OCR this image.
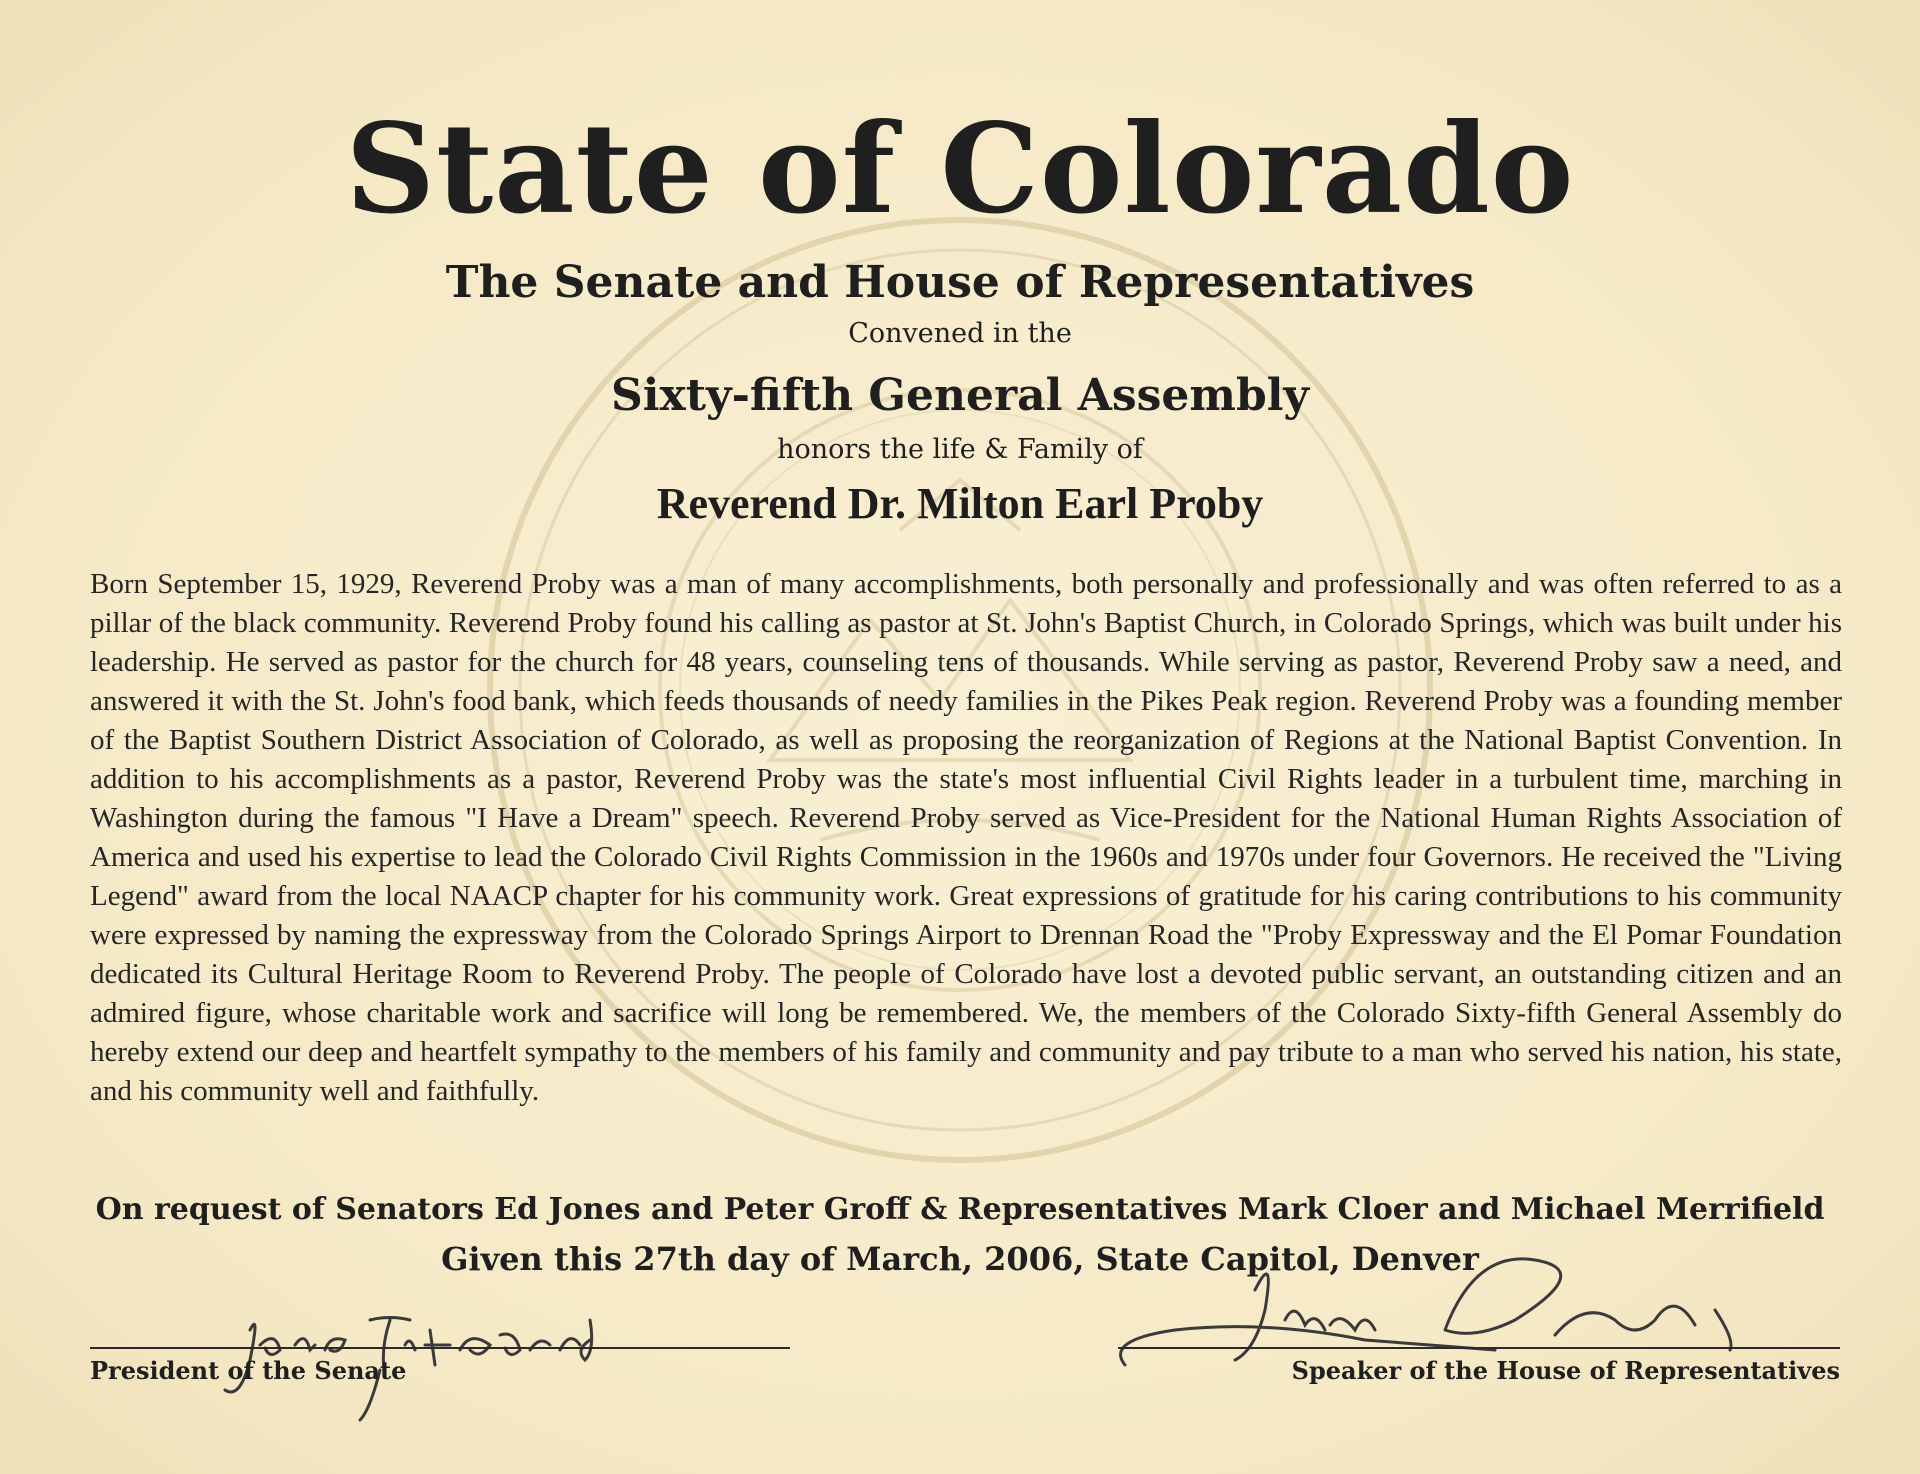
State of Colorado
The Senate and House of Representatives
Convened in the
Sixty-fifth General Assembly
honors the life & Family of
Reverend Dr. Milton Earl Proby
Born September 15, 1929, Reverend Proby was a man of many accomplishments, both personally and professionally and was often referred to as a pillar of the black community. Reverend Proby found his calling as pastor at St. John's Baptist Church, in Colorado Springs, which was built under his leadership. He served as pastor for the church for 48 years, counseling tens of thousands. While serving as pastor, Reverend Proby saw a need, and answered it with the St. John's food bank, which feeds thousands of needy families in the Pikes Peak region. Reverend Proby was a founding member of the Baptist Southern District Association of Colorado, as well as proposing the reorganization of Regions at the National Baptist Convention. In addition to his accomplishments as a pastor, Reverend Proby was the state's most influential Civil Rights leader in a turbulent time, marching in Washington during the famous "I Have a Dream" speech. Reverend Proby served as Vice-President for the National Human Rights Association of America and used his expertise to lead the Colorado Civil Rights Commission in the 1960s and 1970s under four Governors. He received the "Living Legend" award from the local NAACP chapter for his community work. Great expressions of gratitude for his caring contributions to his community were expressed by naming the expressway from the Colorado Springs Airport to Drennan Road the "Proby Expressway and the El Pomar Foundation dedicated its Cultural Heritage Room to Reverend Proby. The people of Colorado have lost a devoted public servant, an outstanding citizen and an admired figure, whose charitable work and sacrifice will long be remembered. We, the members of the Colorado Sixty-fifth General Assembly do hereby extend our deep and heartfelt sympathy to the members of his family and community and pay tribute to a man who served his nation, his state, and his community well and faithfully.
On request of Senators Ed Jones and Peter Groff & Representatives Mark Cloer and Michael Merrifield
Given this 27th day of March, 2006, State Capitol, Denver
President of the Senate	Speaker of the House of Representatives
